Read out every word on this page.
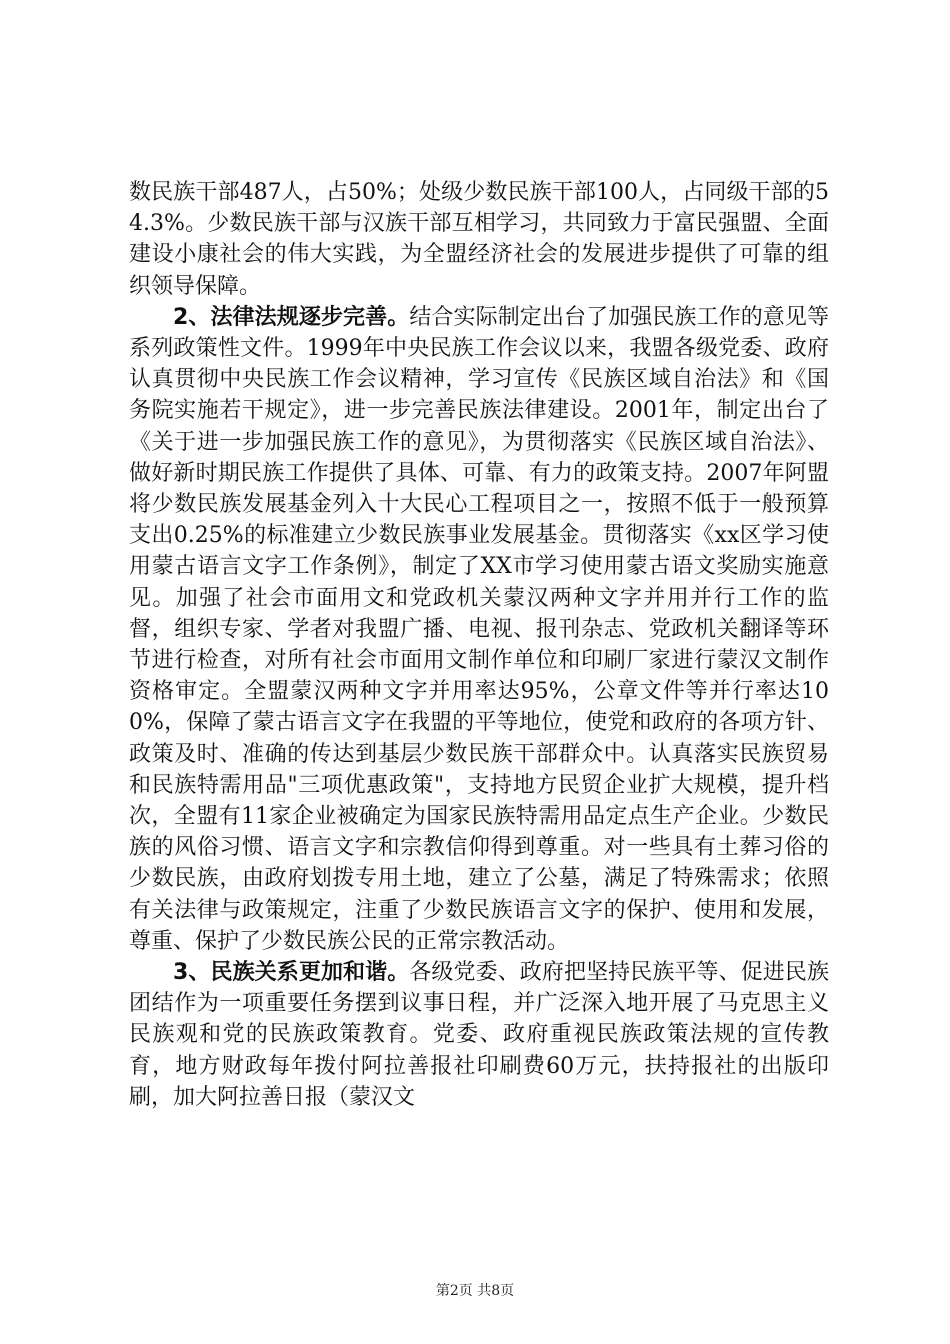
数民族干部487人，占50%；处级少数民族干部100人，占同级干部的54.3%。少数民族干部与汉族干部互相学习，共同致力于富民强盟、全面建设小康社会的伟大实践，为全盟经济社会的发展进步提供了可靠的组织领导保障。

2、法律法规逐步完善。结合实际制定出台了加强民族工作的意见等系列政策性文件。1999年中央民族工作会议以来，我盟各级党委、政府认真贯彻中央民族工作会议精神，学习宣传《民族区域自治法》和《国务院实施若干规定》，进一步完善民族法律建设。2001年，制定出台了《关于进一步加强民族工作的意见》，为贯彻落实《民族区域自治法》、做好新时期民族工作提供了具体、可靠、有力的政策支持。2007年阿盟将少数民族发展基金列入十大民心工程项目之一，按照不低于一般预算支出0.25%的标准建立少数民族事业发展基金。贯彻落实《xx区学习使用蒙古语言文字工作条例》，制定了XX市学习使用蒙古语文奖励实施意见。加强了社会市面用文和党政机关蒙汉两种文字并用并行工作的监督，组织专家、学者对我盟广播、电视、报刊杂志、党政机关翻译等环节进行检查，对所有社会市面用文制作单位和印刷厂家进行蒙汉文制作资格审定。全盟蒙汉两种文字并用率达95%，公章文件等并行率达100%，保障了蒙古语言文字在我盟的平等地位，使党和政府的各项方针、政策及时、准确的传达到基层少数民族干部群众中。认真落实民族贸易和民族特需用品"三项优惠政策"，支持地方民贸企业扩大规模，提升档次，全盟有11家企业被确定为国家民族特需用品定点生产企业。少数民族的风俗习惯、语言文字和宗教信仰得到尊重。对一些具有土葬习俗的少数民族，由政府划拨专用土地，建立了公墓，满足了特殊需求；依照有关法律与政策规定，注重了少数民族语言文字的保护、使用和发展，尊重、保护了少数民族公民的正常宗教活动。

3、民族关系更加和谐。各级党委、政府把坚持民族平等、促进民族团结作为一项重要任务摆到议事日程，并广泛深入地开展了马克思主义民族观和党的民族政策教育。党委、政府重视民族政策法规的宣传教育，地方财政每年拨付阿拉善报社印刷费60万元，扶持报社的出版印刷，加大阿拉善日报（蒙汉文

第2页 共8页
